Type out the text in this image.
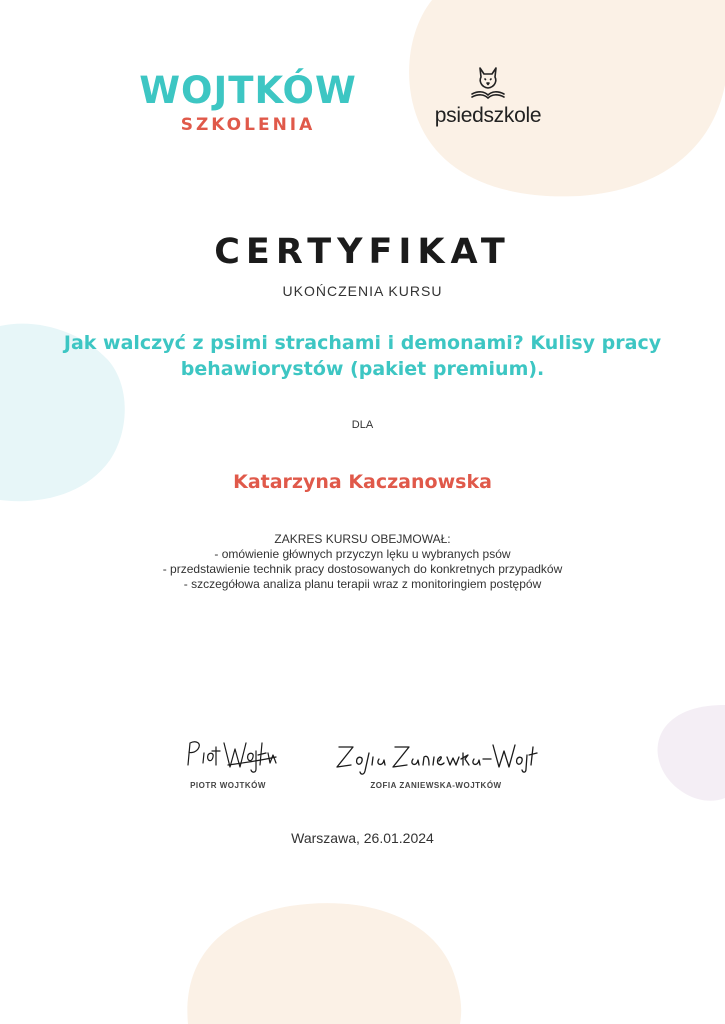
WOJTKÓW
SZKOLENIA	psiedszkole
CERTYFIKAT
UKOŃCZENIA KURSU
Jak walczyć z psimi strachami i demonami? Kulisy pracy
behawiorystów (pakiet premium).
DLA
Katarzyna Kaczanowska
ZAKRES KURSU OBEJMOWAŁ:
- omówienie głównych przyczyn lęku u wybranych psów
- przedstawienie technik pracy dostosowanych do konkretnych przypadków
- szczegółowa analiza planu terapii wraz z monitoringiem postępów
PIOTR WOJTKÓW	ZOFIA ZANIEWSKA-WOJTKÓW
Warszawa, 26.01.2024
